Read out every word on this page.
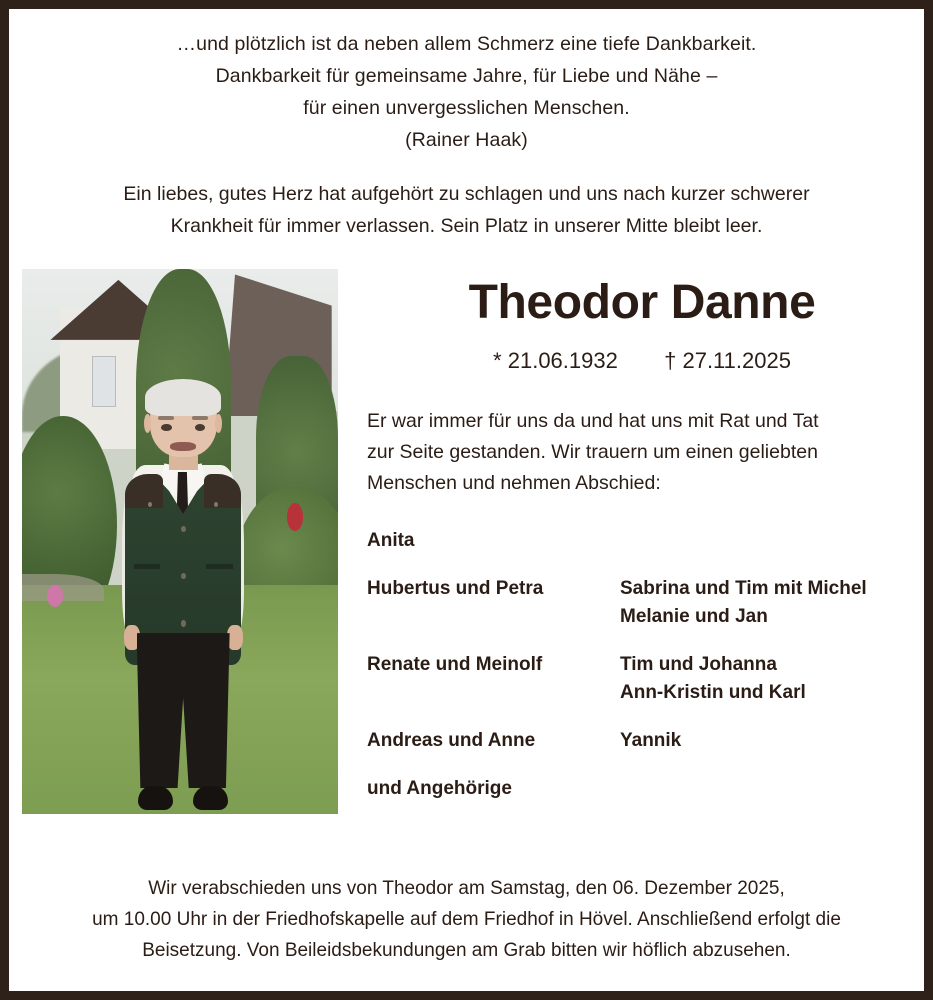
…und plötzlich ist da neben allem Schmerz eine tiefe Dankbarkeit.
Dankbarkeit für gemeinsame Jahre, für Liebe und Nähe –
für einen unvergesslichen Menschen.
(Rainer Haak)
Ein liebes, gutes Herz hat aufgehört zu schlagen und uns nach kurzer schwerer
Krankheit für immer verlassen. Sein Platz in unserer Mitte bleibt leer.
Theodor Danne
* 21.06.1932 † 27.11.2025
Er war immer für uns da und hat uns mit Rat und Tat
zur Seite gestanden. Wir trauern um einen geliebten
Menschen und nehmen Abschied:
Anita
Hubertus und Petra	Sabrina und Tim mit Michel
Melanie und Jan
Renate und Meinolf	Tim und Johanna
Ann-Kristin und Karl
Andreas und Anne	Yannik
und Angehörige
Wir verabschieden uns von Theodor am Samstag, den 06. Dezember 2025,
um 10.00 Uhr in der Friedhofskapelle auf dem Friedhof in Hövel. Anschließend erfolgt die
Beisetzung. Von Beileidsbekundungen am Grab bitten wir höflich abzusehen.
